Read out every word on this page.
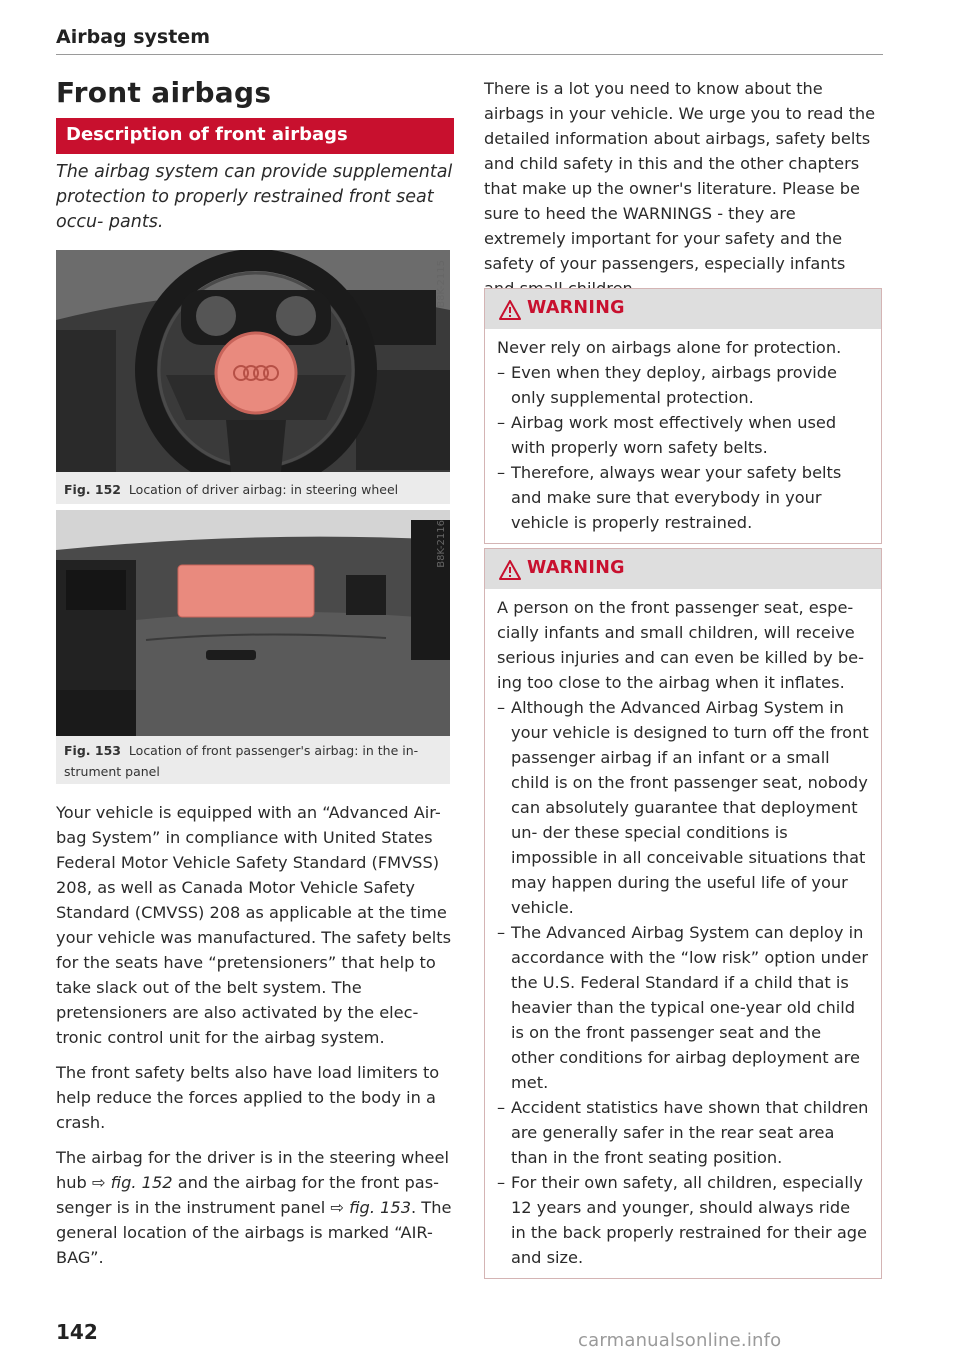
Airbag system
Front airbags
Description of front airbags
The airbag system can provide supplemental protection to properly restrained front seat occu- pants.
B8K-2115
Fig. 152 Location of driver airbag: in steering wheel
B8K-2116
Fig. 153 Location of front passenger's airbag: in the in- strument panel

Your vehicle is equipped with an “Advanced Air- bag System” in compliance with United States Federal Motor Vehicle Safety Standard (FMVSS) 208, as well as Canada Motor Vehicle Safety Standard (CMVSS) 208 as applicable at the time your vehicle was manufactured. The safety belts for the seats have “pretensioners” that help to take slack out of the belt system. The pretensioners are also activated by the elec- tronic control unit for the airbag system.

The front safety belts also have load limiters to help reduce the forces applied to the body in a crash.

The airbag for the driver is in the steering wheel hub ⇨ fig. 152 and the airbag for the front pas- senger is in the instrument panel ⇨ fig. 153. The general location of the airbags is marked “AIR- BAG”.

There is a lot you need to know about the airbags in your vehicle. We urge you to read the detailed information about airbags, safety belts and child safety in this and the other chapters that make up the owner's literature. Please be sure to heed the WARNINGS - they are extremely important for your safety and the safety of your passengers, especially infants
WARNING

Never rely on airbags alone for protection.

– Even when they deploy, airbags provide only supplemental protection.
– Airbag work most effectively when used with properly worn safety belts.
– Therefore, always wear your safety belts and make sure that everybody in your vehicle is properly restrained.
WARNING

A person on the front passenger seat, espe- cially infants and small children, will receive serious injuries and can even be killed by be- ing too close to the airbag when it inflates.

– Although the Advanced Airbag System in your vehicle is designed to turn off the front passenger airbag if an infant or a small child is on the front passenger seat, nobody can absolutely guarantee that deployment un- der these special conditions is impossible in all conceivable situations that may happen during the useful life of your vehicle.
– The Advanced Airbag System can deploy in accordance with the “low risk” option under the U.S. Federal Standard if a child that is heavier than the typical one-year old child is on the front passenger seat and the other conditions for airbag deployment are met.
– Accident statistics have shown that children are generally safer in the rear seat area than in the front seating position.
– For their own safety, all children, especially 12 years and younger, should always ride in the back properly restrained for their age and size.
142	carmanualsonline.info
